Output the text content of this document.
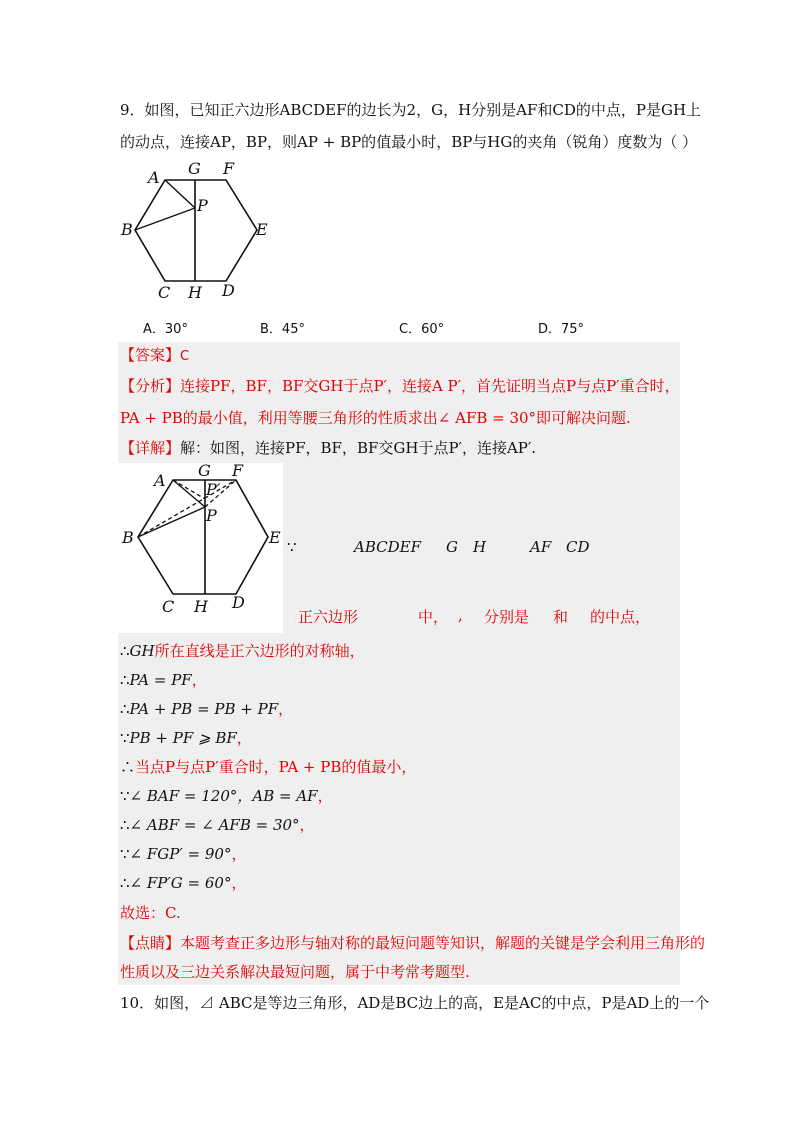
9．如图，已知正六边形ABCDEF的边长为2，G，H分别是AF和CD的中点，P是GH上
的动点，连接AP，BP，则AP + BP的值最小时，BP与HG的夹角（锐角）度数为（ ）
A G F
P
B	E
C H D
A．30°	B．45°	C．60°	D．75°
【答案】C
【分析】连接PF，BF，BF交GH于点P′，连接A P′，首先证明当点P与点P′重合时，
PA + PB的最小值，利用等腰三角形的性质求出∠ AFB = 30°即可解决问题.
【详解】解：如图，连接PF，BF，BF交GH于点P′，连接AP′.
G F
A	P′
P
B	E
C H D
∵	ABCDEF G H	AF CD
正六边形	中， , 分别是 和 的中点，
∴GH所在直线是正六边形的对称轴，
∴PA = PF，
∴PA + PB = PB + PF，
∵PB + PF ⩾ BF，
∴当点P与点P′重合时，PA + PB的值最小，
∵∠ BAF = 120°，AB = AF，
∴∠ ABF = ∠ AFB = 30°，
∵∠ FGP′ = 90°，
∴∠ FP′G = 60°，
故选：C.
【点睛】本题考查正多边形与轴对称的最短问题等知识，解题的关键是学会利用三角形的
性质以及三边关系解决最短问题，属于中考常考题型.
10．如图，⊿ ABC是等边三角形，AD是BC边上的高，E是AC的中点，P是AD上的一个
